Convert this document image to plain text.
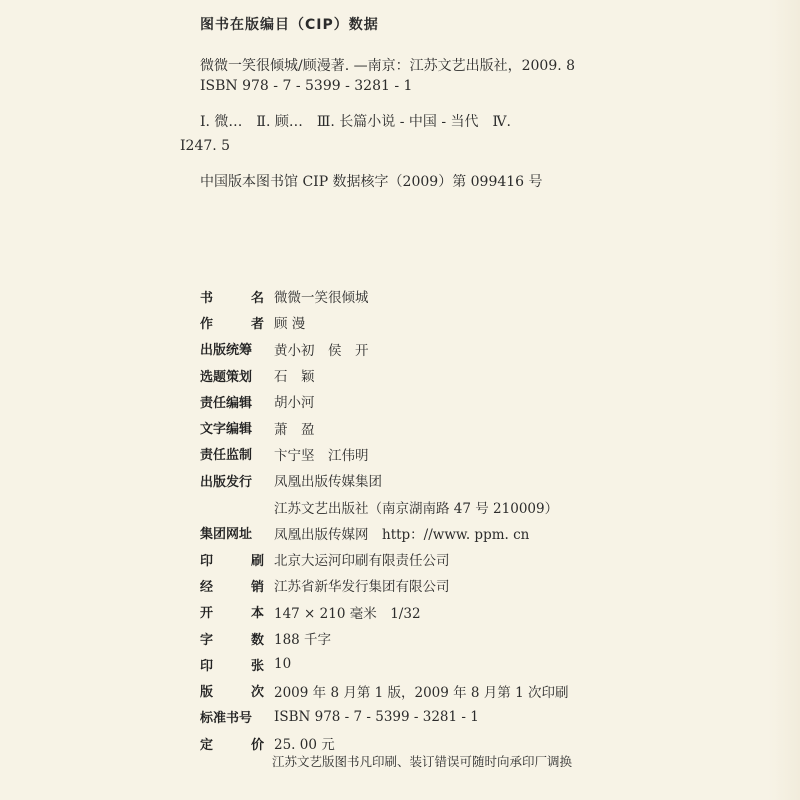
图书在版编目（CIP）数据
微微一笑很倾城/顾漫著. —南京：江苏文艺出版社，2009. 8
ISBN 978 - 7 - 5399 - 3281 - 1
Ⅰ. 微…　Ⅱ. 顾…　Ⅲ. 长篇小说 - 中国 - 当代　Ⅳ.
I247. 5
中国版本图书馆 CIP 数据核字（2009）第 099416 号
书	名 微微一笑很倾城
作	者 顾 漫
出版统筹	黄小初　侯　开
选题策划	石　颖
责任编辑	胡小河
文字编辑	萧　盈
责任监制	卞宁坚　江伟明
出版发行	凤凰出版传媒集团
江苏文艺出版社（南京湖南路 47 号 210009）
集团网址	凤凰出版传媒网　http：//www. ppm. cn
印	刷 北京大运河印刷有限责任公司
经	销 江苏省新华发行集团有限公司
开	本 147 × 210 毫米　1/32
字	数 188 千字
印	张 10
版	次 2009 年 8 月第 1 版，2009 年 8 月第 1 次印刷
标准书号	ISBN 978 - 7 - 5399 - 3281 - 1
定	价 25. 00 元
江苏文艺版图书凡印刷、装订错误可随时向承印厂调换
